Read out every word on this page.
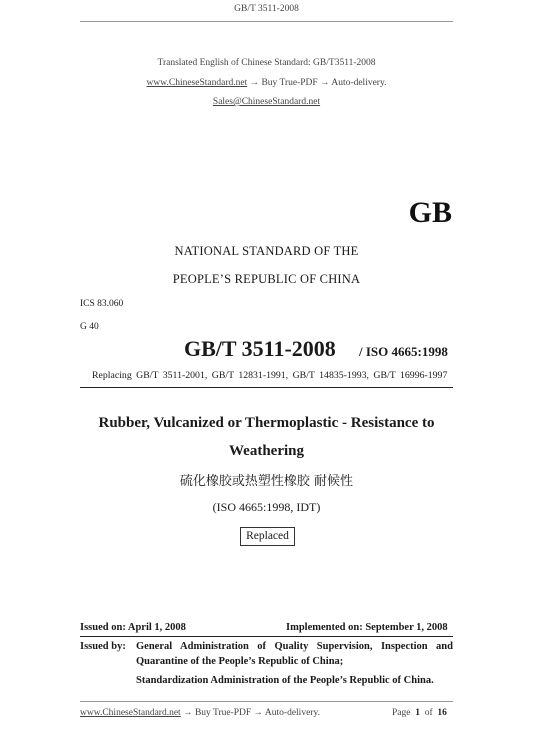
GB/T 3511-2008
Translated English of Chinese Standard: GB/T3511-2008
www.ChineseStandard.net → Buy True-PDF → Auto-delivery.
Sales@ChineseStandard.net
GB
NATIONAL STANDARD OF THE
PEOPLE’S REPUBLIC OF CHINA
ICS 83.060
G 40
GB/T 3511-2008 / ISO 4665:1998
Replacing GB/T 3511-2001, GB/T 12831-1991, GB/T 14835-1993, GB/T 16996-1997
Rubber, Vulcanized or Thermoplastic - Resistance to
Weathering
硫化橡胶或热塑性橡胶 耐候性
(ISO 4665:1998, IDT)
Replaced
Issued on: April 1, 2008	Implemented on: September 1, 2008
Issued by: General Administration of Quality Supervision, Inspection and
Quarantine of the People’s Republic of China;
Standardization Administration of the People’s Republic of China.
www.ChineseStandard.net → Buy True-PDF → Auto-delivery.	Page 1 of 16
